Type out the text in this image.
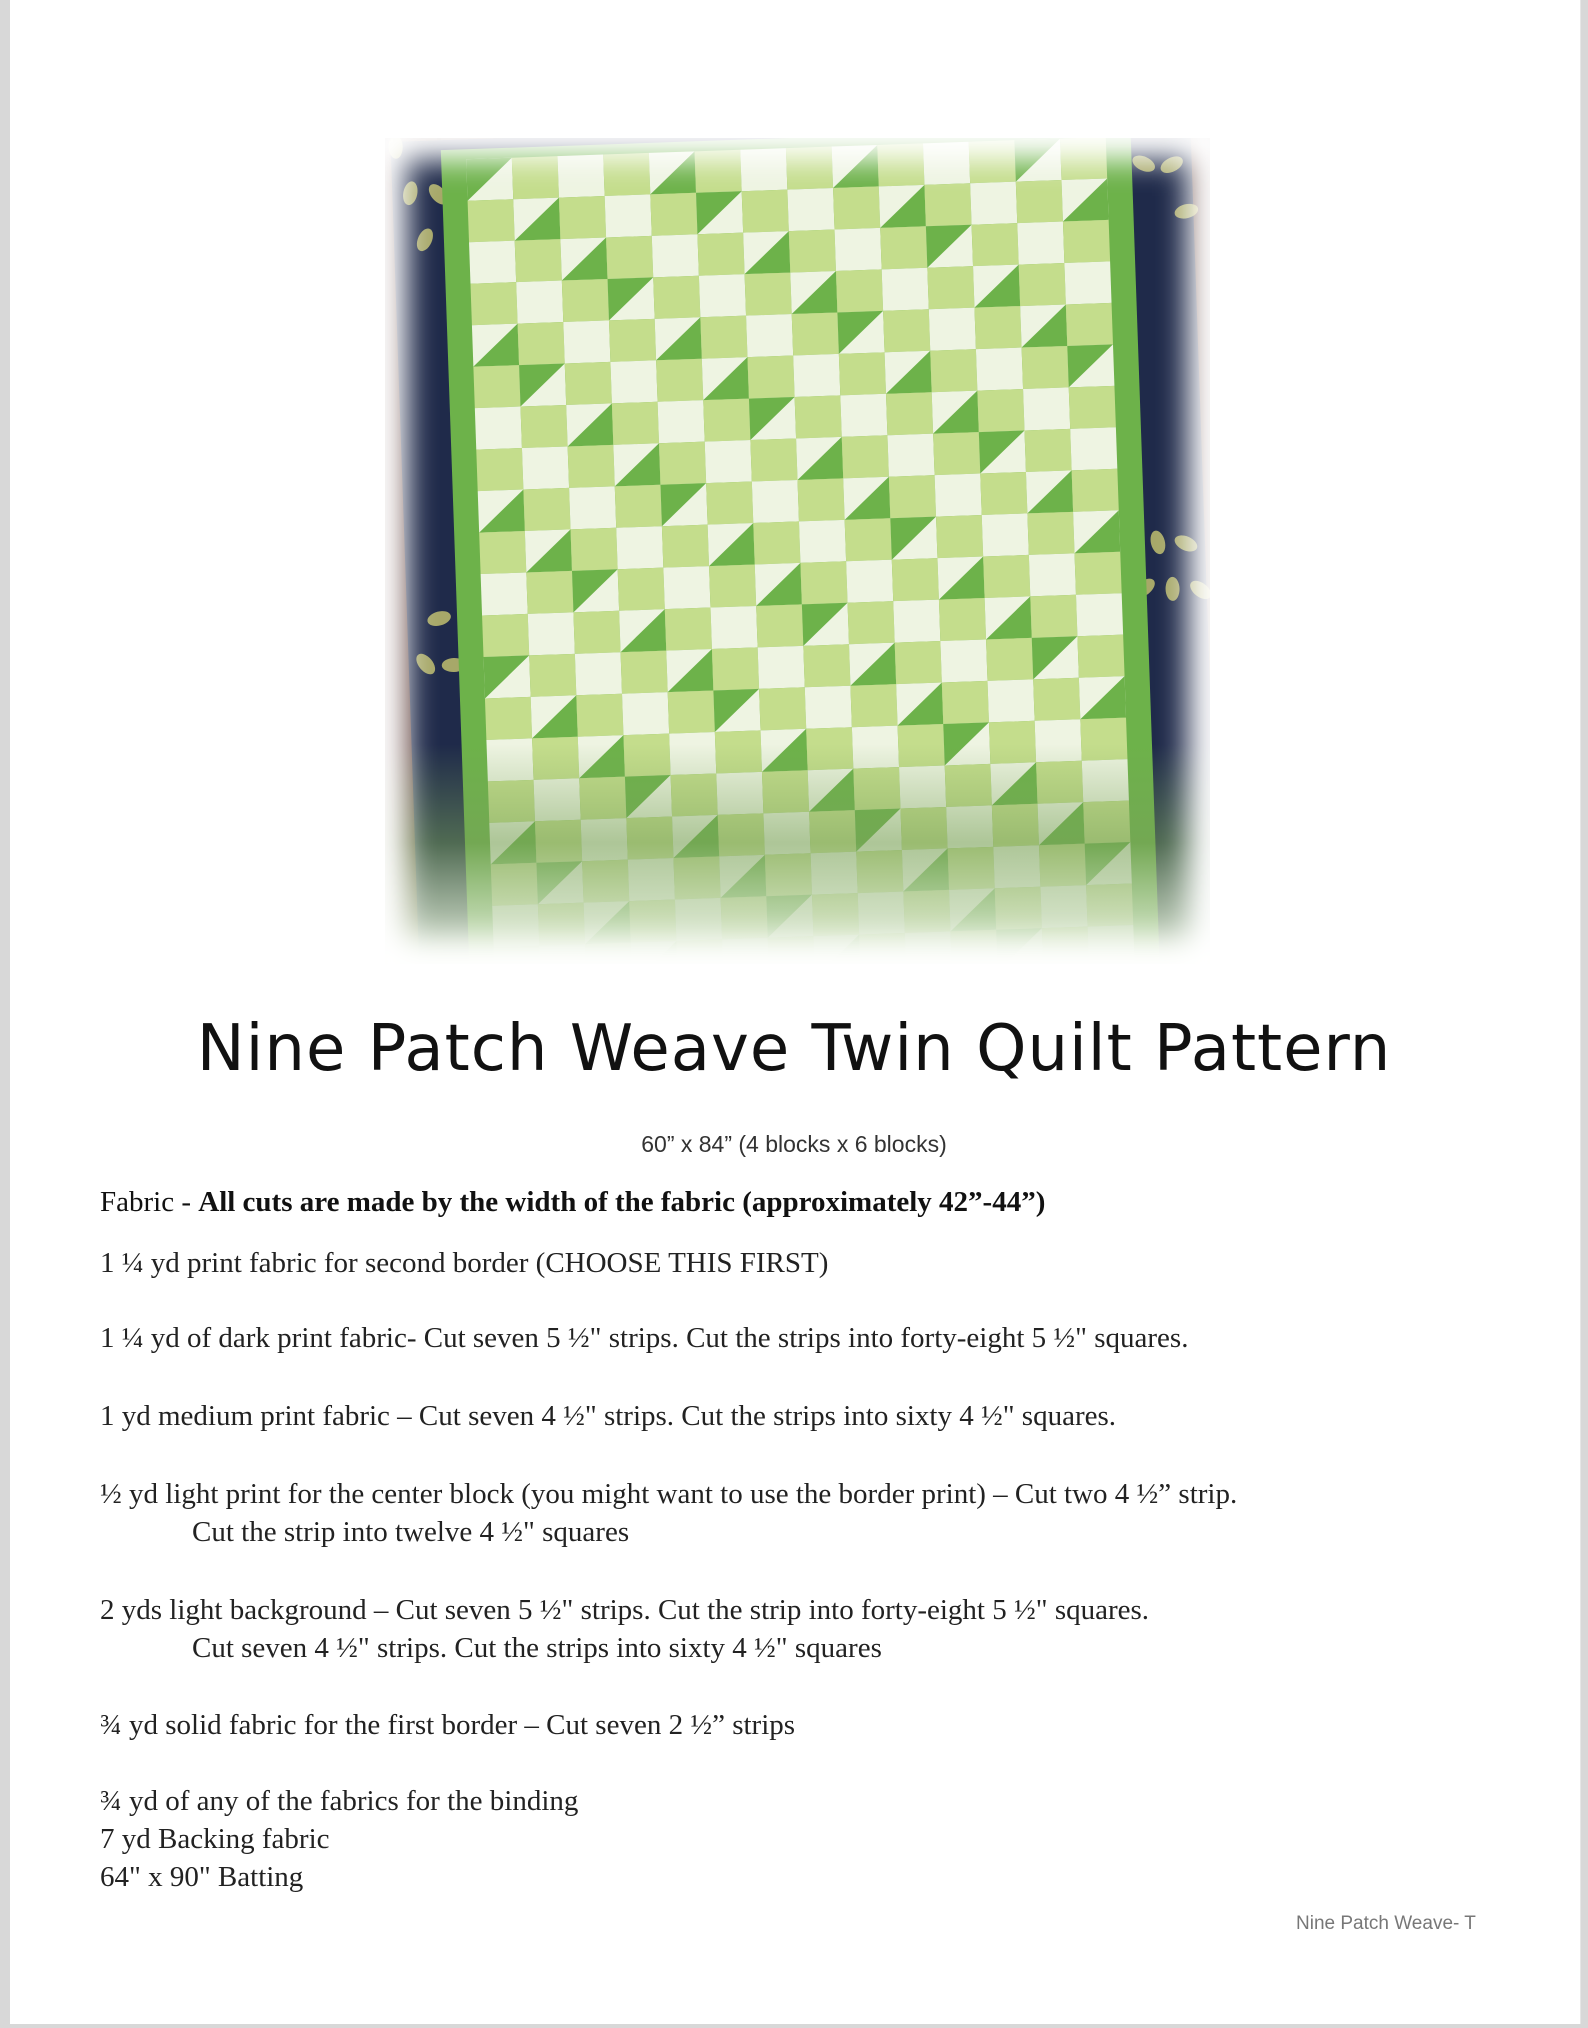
Nine Patch Weave Twin Quilt Pattern
60” x 84” (4 blocks x 6 blocks)
Fabric - All cuts are made by the width of the fabric (approximately 42”-44”)
1 ¼ yd print fabric for second border (CHOOSE THIS FIRST)
1 ¼ yd of dark print fabric- Cut seven 5 ½" strips. Cut the strips into forty-eight 5 ½" squares.
1 yd medium print fabric – Cut seven 4 ½" strips. Cut the strips into sixty 4 ½" squares.
½ yd light print for the center block (you might want to use the border print) – Cut two 4 ½” strip.
Cut the strip into twelve 4 ½" squares
2 yds light background – Cut seven 5 ½" strips. Cut the strip into forty-eight 5 ½" squares.
Cut seven 4 ½" strips. Cut the strips into sixty 4 ½" squares
¾ yd solid fabric for the first border – Cut seven 2 ½” strips
¾ yd of any of the fabrics for the binding
7 yd Backing fabric
64" x 90" Batting
Nine Patch Weave- T
